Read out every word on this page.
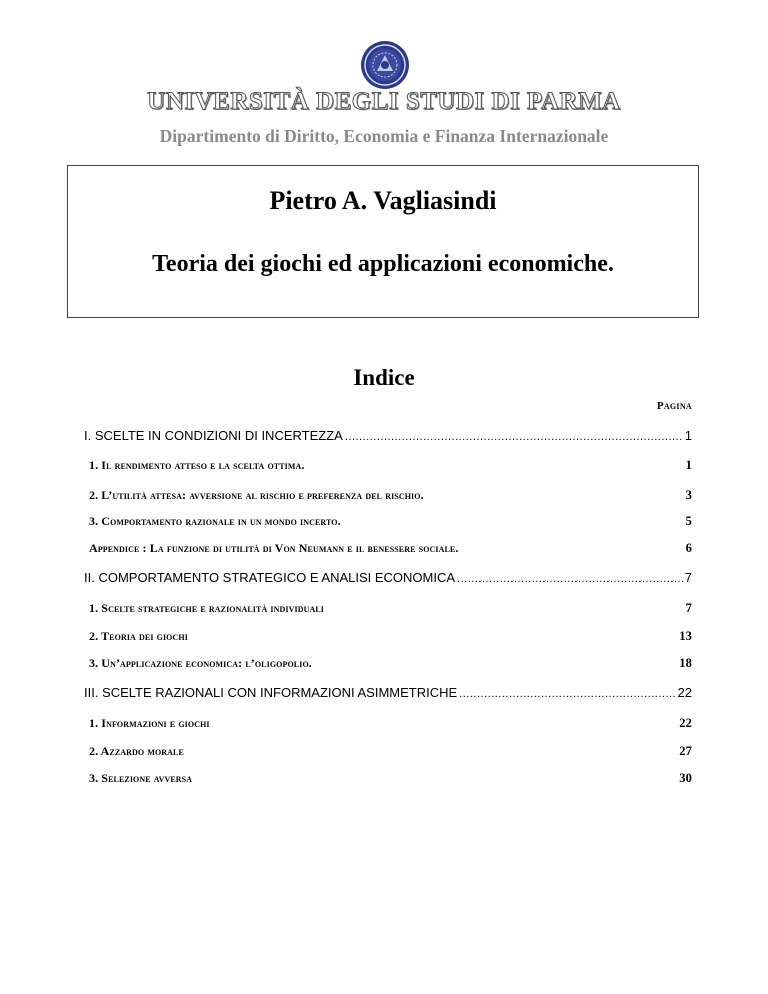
UNIVERSITÀ DEGLI STUDI DI PARMA
Dipartimento di Diritto, Economia e Finanza Internazionale
Pietro A. Vagliasindi
Teoria dei giochi ed applicazioni economiche.
Indice
Pagina
I. SCELTE IN CONDIZIONI DI INCERTEZZA .....	1
1. Il rendimento atteso e la scelta ottima.	1
2. L’utilità attesa: avversione al rischio e preferenza del rischio.	3
3. Comportamento razionale in un mondo incerto.	5
Appendice : La funzione di utilità di Von Neumann e il benessere sociale.	6
II. COMPORTAMENTO STRATEGICO E ANALISI ECONOMICA .....	7
1. Scelte strategiche e razionalità individuali	7
2. Teoria dei giochi	13
3. Un’applicazione economica: l’oligopolio.	18
III. SCELTE RAZIONALI CON INFORMAZIONI ASIMMETRICHE .....	22
1. Informazioni e giochi	22
2. Azzardo morale	27
3. Selezione avversa	30
